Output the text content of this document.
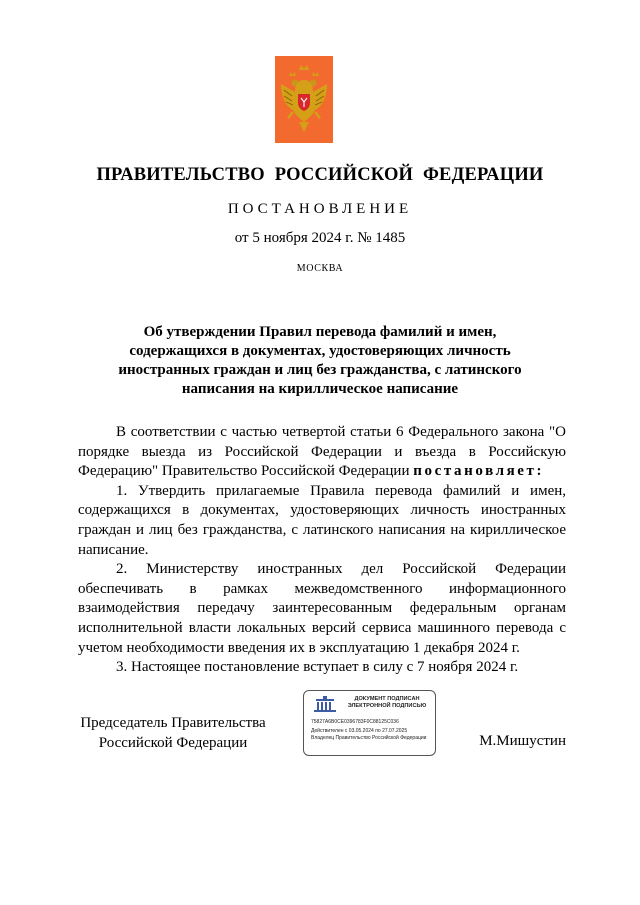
ПРАВИТЕЛЬСТВО РОССИЙСКОЙ ФЕДЕРАЦИИ
ПОСТАНОВЛЕНИЕ
от 5 ноября 2024 г. № 1485
МОСКВА
Об утверждении Правил перевода фамилий и имен, содержащихся в документах, удостоверяющих личность иностранных граждан и лиц без гражданства, с латинского написания на кириллическое написание

В соответствии с частью четвертой статьи 6 Федерального закона "О порядке выезда из Российской Федерации и въезда в Российскую Федерацию" Правительство Российской Федерации постановляет:

1. Утвердить прилагаемые Правила перевода фамилий и имен, содержащихся в документах, удостоверяющих личность иностранных граждан и лиц без гражданства, с латинского написания на кириллическое написание.

2. Министерству иностранных дел Российской Федерации обеспечивать в рамках межведомственного информационного взаимодействия передачу заинтересованным федеральным органам исполнительной власти локальных версий сервиса машинного перевода с учетом необходимости введения их в эксплуатацию 1 декабря 2024 г.

3. Настоящее постановление вступает в силу с 7 ноября 2024 г.

Председатель Правительства
Российской Федерации
ДОКУМЕНТ ПОДПИСАН
ЭЛЕКТРОННОЙ ПОДПИСЬЮ
75827A6B0CE0396783F0C88125C036
Действителен с 03.05.2024 по 27.07.2025
Владелец Правительство Российской Федерации	М.Мишустин
